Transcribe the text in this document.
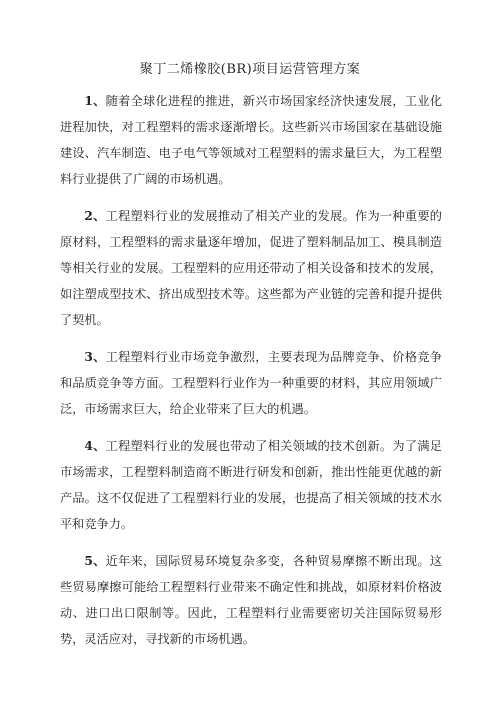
聚丁二烯橡胶(BR)项目运营管理方案

1、随着全球化进程的推进，新兴市场国家经济快速发展，工业化进程加快，对工程塑料的需求逐渐增长。这些新兴市场国家在基础设施建设、汽车制造、电子电气等领域对工程塑料的需求量巨大，为工程塑料行业提供了广阔的市场机遇。

2、工程塑料行业的发展推动了相关产业的发展。作为一种重要的原材料，工程塑料的需求量逐年增加，促进了塑料制品加工、模具制造等相关行业的发展。工程塑料的应用还带动了相关设备和技术的发展，如注塑成型技术、挤出成型技术等。这些都为产业链的完善和提升提供了契机。

3、工程塑料行业市场竞争激烈，主要表现为品牌竞争、价格竞争和品质竞争等方面。工程塑料行业作为一种重要的材料，其应用领域广泛，市场需求巨大，给企业带来了巨大的机遇。

4、工程塑料行业的发展也带动了相关领域的技术创新。为了满足市场需求，工程塑料制造商不断进行研发和创新，推出性能更优越的新产品。这不仅促进了工程塑料行业的发展，也提高了相关领域的技术水平和竞争力。

5、近年来，国际贸易环境复杂多变，各种贸易摩擦不断出现。这些贸易摩擦可能给工程塑料行业带来不确定性和挑战，如原材料价格波动、进口出口限制等。因此，工程塑料行业需要密切关注国际贸易形势，灵活应对，寻找新的市场机遇。
